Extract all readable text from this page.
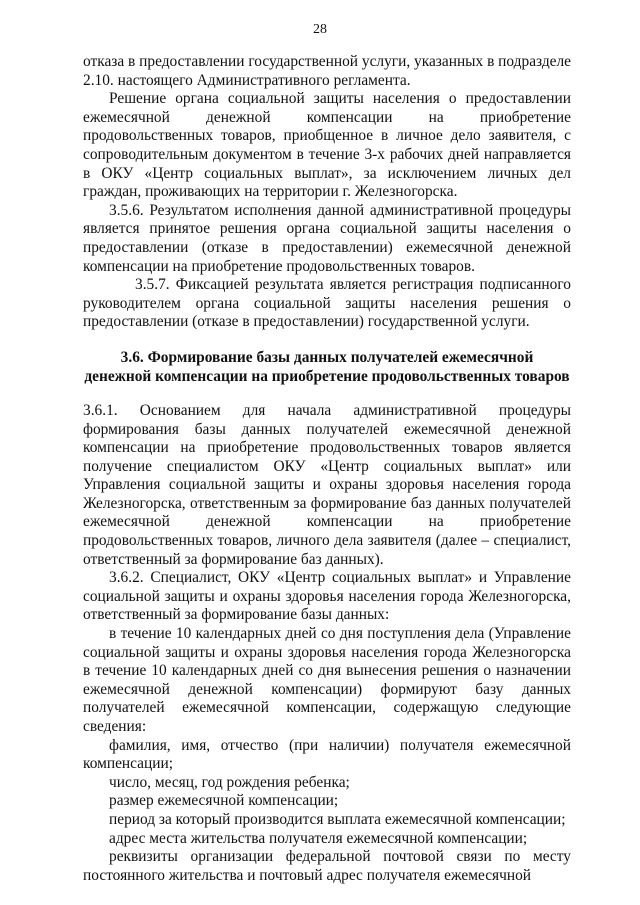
28

отказа в предоставлении государственной услуги, указанных в подразделе 2.10. настоящего Административного регламента.

Решение органа социальной защиты населения о предоставлении ежемесячной денежной компенсации на приобретение продовольственных товаров, приобщенное в личное дело заявителя, с сопроводительным документом в течение 3-х рабочих дней направляется в ОКУ «Центр социальных выплат», за исключением личных дел граждан, проживающих на территории г. Железногорска.

3.5.6. Результатом исполнения данной административной процедуры является принятое решения органа социальной защиты населения о предоставлении (отказе в предоставлении) ежемесячной денежной компенсации на приобретение продовольственных товаров.

3.5.7. Фиксацией результата является регистрация подписанного руководителем органа социальной защиты населения решения о предоставлении (отказе в предоставлении) государственной услуги.

3.6. Формирование базы данных получателей ежемесячной
денежной компенсации на приобретение продовольственных товаров

3.6.1. Основанием для начала административной процедуры формирования базы данных получателей ежемесячной денежной компенсации на приобретение продовольственных товаров является получение специалистом ОКУ «Центр социальных выплат» или Управления социальной защиты и охраны здоровья населения города Железногорска, ответственным за формирование баз данных получателей ежемесячной денежной компенсации на приобретение продовольственных товаров, личного дела заявителя (далее – специалист, ответственный за формирование баз данных).

3.6.2. Специалист, ОКУ «Центр социальных выплат» и Управление социальной защиты и охраны здоровья населения города Железногорска, ответственный за формирование базы данных:

в течение 10 календарных дней со дня поступления дела (Управление социальной защиты и охраны здоровья населения города Железногорска в течение 10 календарных дней со дня вынесения решения о назначении ежемесячной денежной компенсации) формируют базу данных получателей ежемесячной компенсации, содержащую следующие сведения:

фамилия, имя, отчество (при наличии) получателя ежемесячной компенсации;

число, месяц, год рождения ребенка;

размер ежемесячной компенсации;

период за который производится выплата ежемесячной компенсации;

адрес места жительства получателя ежемесячной компенсации;

реквизиты организации федеральной почтовой связи по месту постоянного жительства и почтовый адрес получателя ежемесячной
